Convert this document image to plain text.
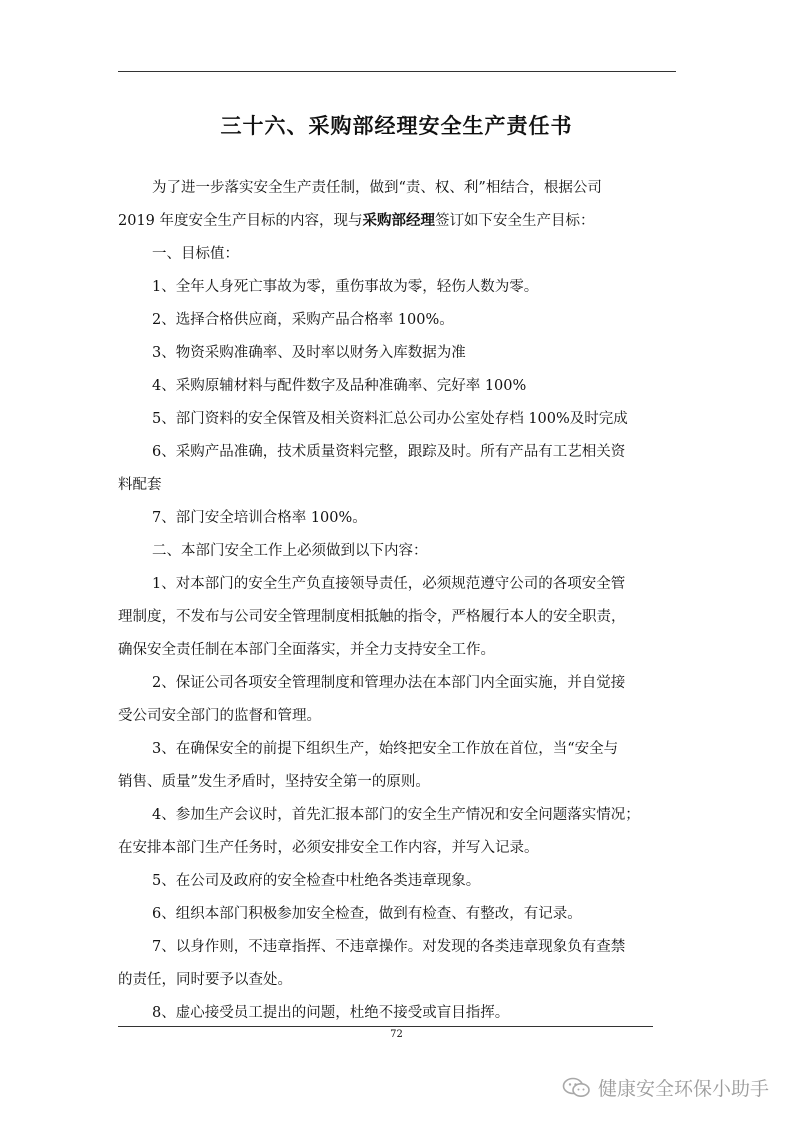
三十六、采购部经理安全生产责任书
为了进一步落实安全生产责任制，做到“责、权、利”相结合，根据公司
2019 年度安全生产目标的内容，现与采购部经理签订如下安全生产目标：
一、目标值：
1、全年人身死亡事故为零，重伤事故为零，轻伤人数为零。
2、选择合格供应商，采购产品合格率 100%。
3、物资采购准确率、及时率以财务入库数据为准
4、采购原辅材料与配件数字及品种准确率、完好率 100%
5、部门资料的安全保管及相关资料汇总公司办公室处存档 100%及时完成
6、采购产品准确，技术质量资料完整，跟踪及时。所有产品有工艺相关资
料配套
7、部门安全培训合格率 100%。
二、本部门安全工作上必须做到以下内容：
1、对本部门的安全生产负直接领导责任，必须规范遵守公司的各项安全管
理制度，不发布与公司安全管理制度相抵触的指令，严格履行本人的安全职责，
确保安全责任制在本部门全面落实，并全力支持安全工作。
2、保证公司各项安全管理制度和管理办法在本部门内全面实施，并自觉接
受公司安全部门的监督和管理。
3、在确保安全的前提下组织生产，始终把安全工作放在首位，当“安全与
销售、质量”发生矛盾时，坚持安全第一的原则。
4、参加生产会议时，首先汇报本部门的安全生产情况和安全问题落实情况；
在安排本部门生产任务时，必须安排安全工作内容，并写入记录。
5、在公司及政府的安全检查中杜绝各类违章现象。
6、组织本部门积极参加安全检查，做到有检查、有整改，有记录。
7、以身作则，不违章指挥、不违章操作。对发现的各类违章现象负有查禁
的责任，同时要予以查处。
8、虚心接受员工提出的问题，杜绝不接受或盲目指挥。
72
健康安全环保小助手
